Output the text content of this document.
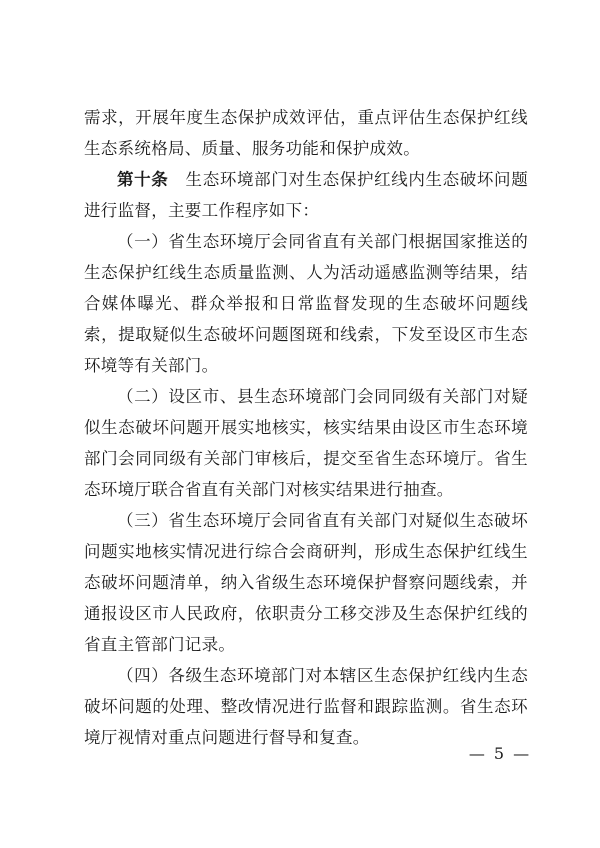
需求，开展年度生态保护成效评估，重点评估生态保护红线生态系统格局、质量、服务功能和保护成效。

第十条　生态环境部门对生态保护红线内生态破坏问题进行监督，主要工作程序如下：

（一）省生态环境厅会同省直有关部门根据国家推送的生态保护红线生态质量监测、人为活动遥感监测等结果，结合媒体曝光、群众举报和日常监督发现的生态破坏问题线索，提取疑似生态破坏问题图斑和线索，下发至设区市生态环境等有关部门。

（二）设区市、县生态环境部门会同同级有关部门对疑似生态破坏问题开展实地核实，核实结果由设区市生态环境部门会同同级有关部门审核后，提交至省生态环境厅。省生态环境厅联合省直有关部门对核实结果进行抽查。

（三）省生态环境厅会同省直有关部门对疑似生态破坏问题实地核实情况进行综合会商研判，形成生态保护红线生态破坏问题清单，纳入省级生态环境保护督察问题线索，并通报设区市人民政府，依职责分工移交涉及生态保护红线的省直主管部门记录。

（四）各级生态环境部门对本辖区生态保护红线内生态破坏问题的处理、整改情况进行监督和跟踪监测。省生态环境厅视情对重点问题进行督导和复查。

— 5 —
